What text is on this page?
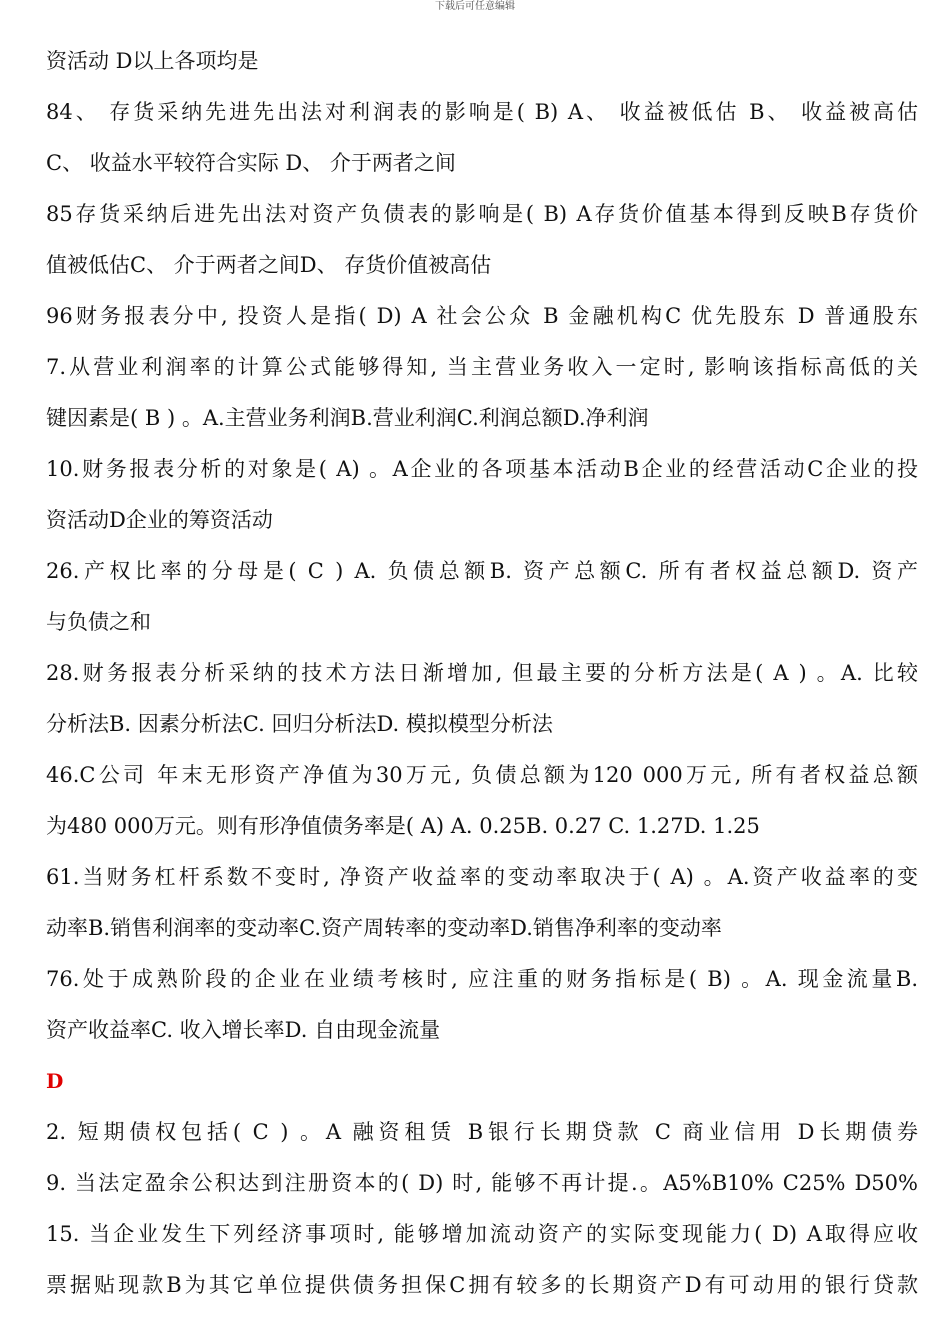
下载后可任意编辑
资活动 D以上各项均是
84、 存货采纳先进先出法对利润表的影响是( B) A、 收益被低估 B、 收益被高估
C、 收益水平较符合实际 D、 介于两者之间
85存货采纳后进先出法对资产负债表的影响是( B) A存货价值基本得到反映B存货价
值被低估C、 介于两者之间D、 存货价值被高估
96财务报表分中, 投资人是指( D) A 社会公众 B 金融机构C 优先股东 D 普通股东
7.从营业利润率的计算公式能够得知, 当主营业务收入一定时, 影响该指标高低的关
键因素是( B ) 。A.主营业务利润B.营业利润C.利润总额D.净利润
10.财务报表分析的对象是( A) 。A企业的各项基本活动B企业的经营活动C企业的投
资活动D企业的筹资活动
26.产权比率的分母是( C ) A. 负债总额B. 资产总额C. 所有者权益总额D. 资产
与负债之和
28.财务报表分析采纳的技术方法日渐增加, 但最主要的分析方法是( A ) 。A. 比较
分析法B. 因素分析法C. 回归分析法D. 模拟模型分析法
46.C公司 年末无形资产净值为30万元, 负债总额为120 000万元, 所有者权益总额
为480 000万元。则有形净值债务率是( A) A. 0.25B. 0.27 C. 1.27D. 1.25
61.当财务杠杆系数不变时, 净资产收益率的变动率取决于( A) 。A.资产收益率的变
动率B.销售利润率的变动率C.资产周转率的变动率D.销售净利率的变动率
76.处于成熟阶段的企业在业绩考核时, 应注重的财务指标是( B) 。A. 现金流量B.
资产收益率C. 收入增长率D. 自由现金流量
D
2. 短期债权包括( C ) 。A 融资租赁 B银行长期贷款 C 商业信用 D长期债券
9. 当法定盈余公积达到注册资本的( D) 时, 能够不再计提.。A5%B10% C25% D50%
15. 当企业发生下列经济事项时, 能够增加流动资产的实际变现能力( D) A取得应收
票据贴现款B为其它单位提供债务担保C拥有较多的长期资产D有可动用的银行贷款
